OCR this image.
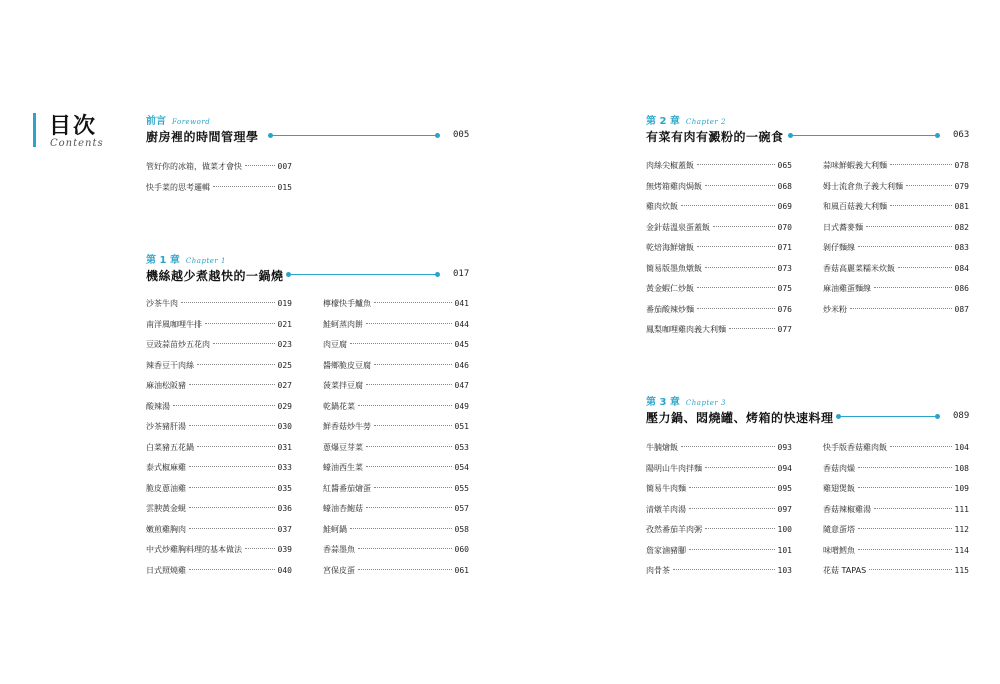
目次
Contents
前言 Foreword
廚房裡的時間管理學	005
管好你的冰箱，做菜才會快	007
快手菜的思考邏輯	015
第 1 章 Chapter 1
機絲越少煮越快的一鍋燒	017
沙茶牛肉	019
南洋風咖哩牛排	021
豆豉蒜苗炒五花肉	023
辣香豆干肉絲	025
麻油松阪豬	027
酸辣湯	029
沙茶豬肝湯	030
白菜豬五花鍋	031
泰式椒麻雞	033
脆皮蔥油雞	035
雲腴黃金蜆	036
嫩煎雞胸肉	037
中式炒雞胸料理的基本做法	039
日式照燒雞	040
檸檬快手鱸魚	041
鮭蚵蒸肉餅	044
肉豆腐	045
醬鄉脆皮豆腐	046
菠菜拌豆腐	047
乾鍋花菜	049
鮮香菇炒牛蒡	051
蔥爆豆芽菜	053
蠔油西生菜	054
紅醬番茄燴蛋	055
蠔油杏鮑菇	057
鮭蚵鍋	058
香蒜墨魚	060
宮保皮蛋	061
第 2 章 Chapter 2
有菜有肉有澱粉的一碗食	063
肉絲尖椒蓋飯	065
無烤箱雞肉焗飯	068
雞肉炊飯	069
金針菇溫泉蛋蓋飯	070
乾焙海鮮燴飯	071
簡易版墨魚燉飯	073
黃金蝦仁炒飯	075
番茄酸辣炒麵	076
鳳梨咖哩雞肉義大利麵	077
蒜味鮮蝦義大利麵	078
姆士流倉魚子義大利麵	079
和風百菇義大利麵	081
日式蕎麥麵	082
剝仔麵線	083
香菇高麗菜糯米炊飯	084
麻油雞蛋麵線	086
炒米粉	087
第 3 章 Chapter 3
壓力鍋、悶燒罐、烤箱的快速料理	089
牛腩燴飯	093
陽明山牛肉拌麵	094
簡易牛肉麵	095
清燉羊肉湯	097
孜然番茄羊肉粥	100
詹家滷豬腳	101
肉骨茶	103
快手版香菇雞肉飯	104
香菇肉燥	108
雞翅煲飯	109
香菇辣椒雞湯	111
隨意蛋塔	112
味噌鱈魚	114
花菇 TAPAS	115
